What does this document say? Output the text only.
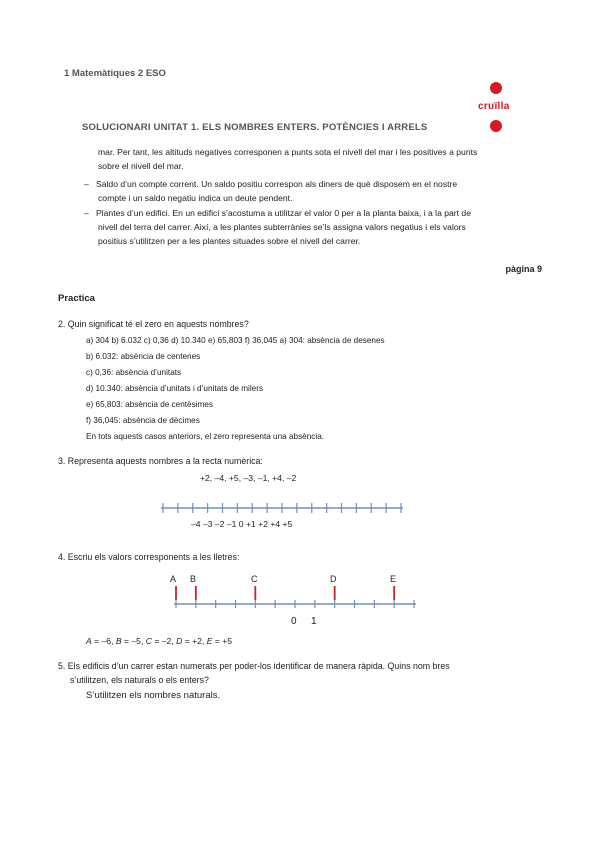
1 Matemàtiques 2 ESO
cruïlla
SOLUCIONARI UNITAT 1. ELS NOMBRES ENTERS. POTÈNCIES I ARRELS
mar. Per tant, les altituds negatives corresponen a punts sota el nivell del mar i les positives a punts
sobre el nivell del mar.
– Saldo d’un compte corrent. Un saldo positiu correspon als diners de què disposem en el nostre
compte i un saldo negatiu indica un deute pendent.
– Plantes d’un edifici. En un edifici s’acostuma a utilitzar el valor 0 per a la planta baixa, i a la part de
nivell del terra del carrer. Així, a les plantes subterrànies se’ls assigna valors negatius i els valors
positius s’utilitzen per a les plantes situades sobre el nivell del carrer.
pàgina 9
Practica
2. Quin significat té el zero en aquests nombres?
a) 304 b) 6.032 c) 0,36 d) 10.340 e) 65,803 f) 36,045 a) 304: absència de desenes
b) 6.032: absència de centenes
c) 0,36: absència d’unitats
d) 10.340: absència d’unitats i d’unitats de milers
e) 65,803: absència de centèsimes
f) 36,045: absència de dècimes
En tots aquests casos anteriors, el zero representa una absència.
3. Representa aquests nombres a la recta numèrica:
+2, –4, +5, –3, –1, +4, –2
–4 –3 –2 –1 0 +1 +2 +4 +5
4. Escriu els valors corresponents a les lletres:
A B	C	D	E
0 1
A = –6, B = –5, C = –2, D = +2, E = +5
5. Els edificis d’un carrer estan numerats per poder-los identificar de manera ràpida. Quins nom bres
s’utilitzen, els naturals o els enters?
S’utilitzen els nombres naturals.
